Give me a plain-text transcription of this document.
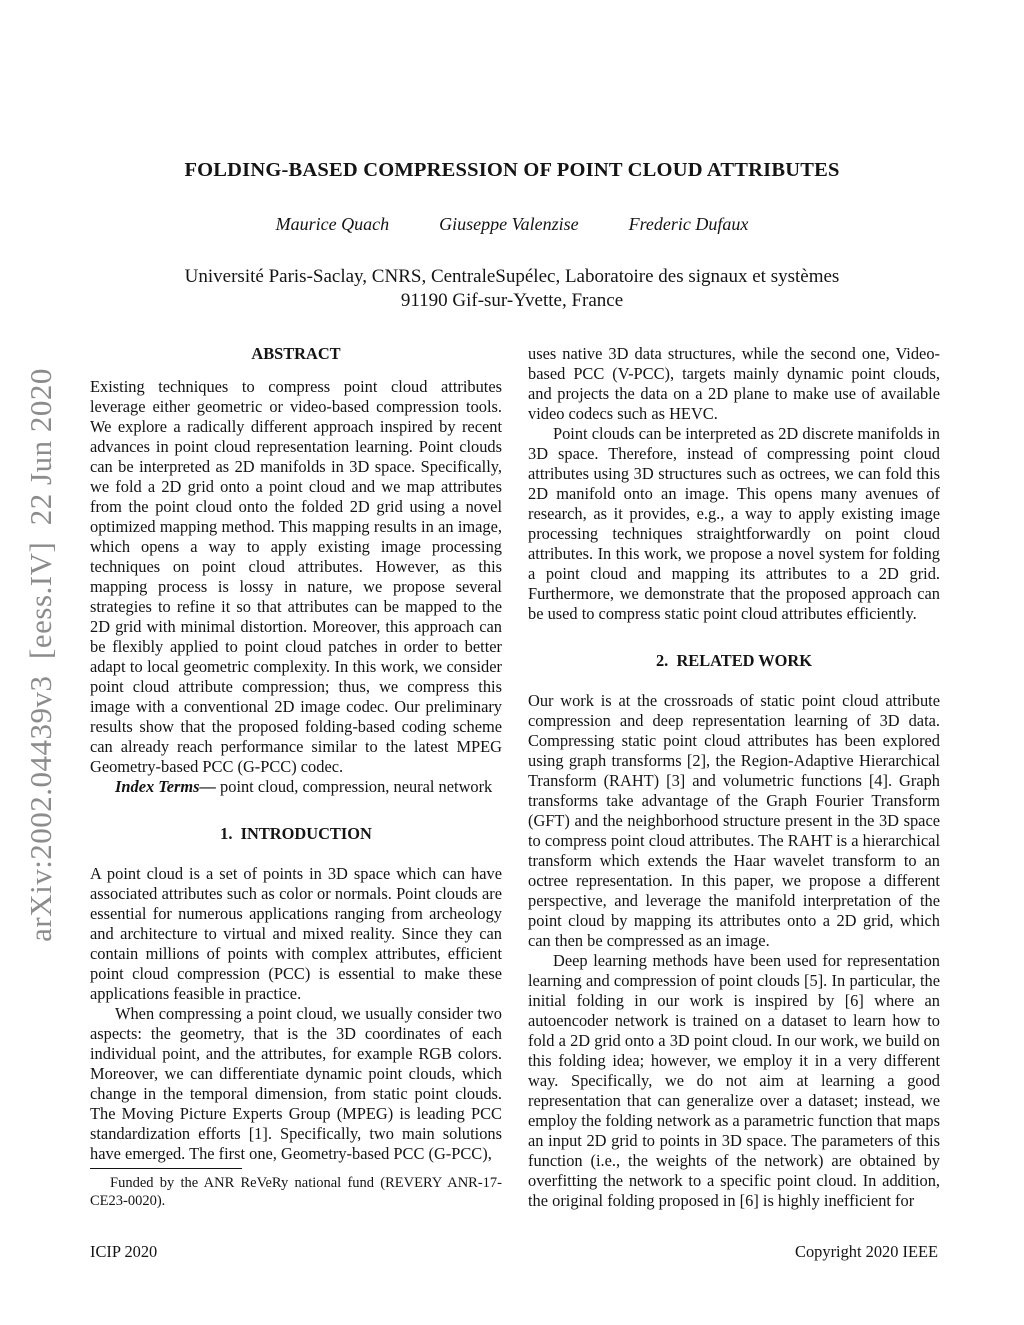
arXiv:2002.04439v3  [eess.IV]  22 Jun 2020
FOLDING-BASED COMPRESSION OF POINT CLOUD ATTRIBUTES
Maurice Quach	Giuseppe Valenzise	Frederic Dufaux
Université Paris-Saclay, CNRS, CentraleSupélec, Laboratoire des signaux et systèmes
91190 Gif-sur-Yvette, France
ABSTRACT

Existing techniques to compress point cloud attributes leverage either geometric or video-based compression tools. We explore a radically different approach inspired by recent advances in point cloud representation learning. Point clouds can be interpreted as 2D manifolds in 3D space. Specifically, we fold a 2D grid onto a point cloud and we map attributes from the point cloud onto the folded 2D grid using a novel optimized mapping method. This mapping results in an image, which opens a way to apply existing image processing techniques on point cloud attributes. However, as this mapping process is lossy in nature, we propose several strategies to refine it so that attributes can be mapped to the 2D grid with minimal distortion. Moreover, this approach can be flexibly applied to point cloud patches in order to better adapt to local geometric complexity. In this work, we consider point cloud attribute compression; thus, we compress this image with a conventional 2D image codec. Our preliminary results show that the proposed folding-based coding scheme can already reach performance similar to the latest MPEG Geometry-based PCC (G-PCC) codec.

Index Terms— point cloud, compression, neural network

1.  INTRODUCTION

A point cloud is a set of points in 3D space which can have associated attributes such as color or normals. Point clouds are essential for numerous applications ranging from archeology and architecture to virtual and mixed reality. Since they can contain millions of points with complex attributes, efficient point cloud compression (PCC) is essential to make these applications feasible in practice.

When compressing a point cloud, we usually consider two aspects: the geometry, that is the 3D coordinates of each individual point, and the attributes, for example RGB colors. Moreover, we can differentiate dynamic point clouds, which change in the temporal dimension, from static point clouds. The Moving Picture Experts Group (MPEG) is leading PCC standardization efforts [1]. Specifically, two main solutions have emerged. The first one, Geometry-based PCC (G-PCC),

uses native 3D data structures, while the second one, Video-based PCC (V-PCC), targets mainly dynamic point clouds, and projects the data on a 2D plane to make use of available video codecs such as HEVC.

Point clouds can be interpreted as 2D discrete manifolds in 3D space. Therefore, instead of compressing point cloud attributes using 3D structures such as octrees, we can fold this 2D manifold onto an image. This opens many avenues of research, as it provides, e.g., a way to apply existing image processing techniques straightforwardly on point cloud attributes. In this work, we propose a novel system for folding a point cloud and mapping its attributes to a 2D grid. Furthermore, we demonstrate that the proposed approach can be used to compress static point cloud attributes efficiently.

2.  RELATED WORK

Our work is at the crossroads of static point cloud attribute compression and deep representation learning of 3D data. Compressing static point cloud attributes has been explored using graph transforms [2], the Region-Adaptive Hierarchical Transform (RAHT) [3] and volumetric functions [4]. Graph transforms take advantage of the Graph Fourier Transform (GFT) and the neighborhood structure present in the 3D space to compress point cloud attributes. The RAHT is a hierarchical transform which extends the Haar wavelet transform to an octree representation. In this paper, we propose a different perspective, and leverage the manifold interpretation of the point cloud by mapping its attributes onto a 2D grid, which can then be compressed as an image.

Deep learning methods have been used for representation learning and compression of point clouds [5]. In particular, the initial folding in our work is inspired by [6] where an autoencoder network is trained on a dataset to learn how to fold a 2D grid onto a 3D point cloud. In our work, we build on this folding idea; however, we employ it in a very different way. Specifically, we do not aim at learning a good representation that can generalize over a dataset; instead, we employ the folding network as a parametric function that maps an input 2D grid to points in 3D space. The parameters of this function (i.e., the weights of the network) are obtained by overfitting the network to a specific point cloud. In addition, the original folding proposed in [6] is highly inefficient for

Funded by the ANR ReVeRy national fund (REVERY ANR-17-CE23-0020).

ICIP 2020	Copyright 2020 IEEE
